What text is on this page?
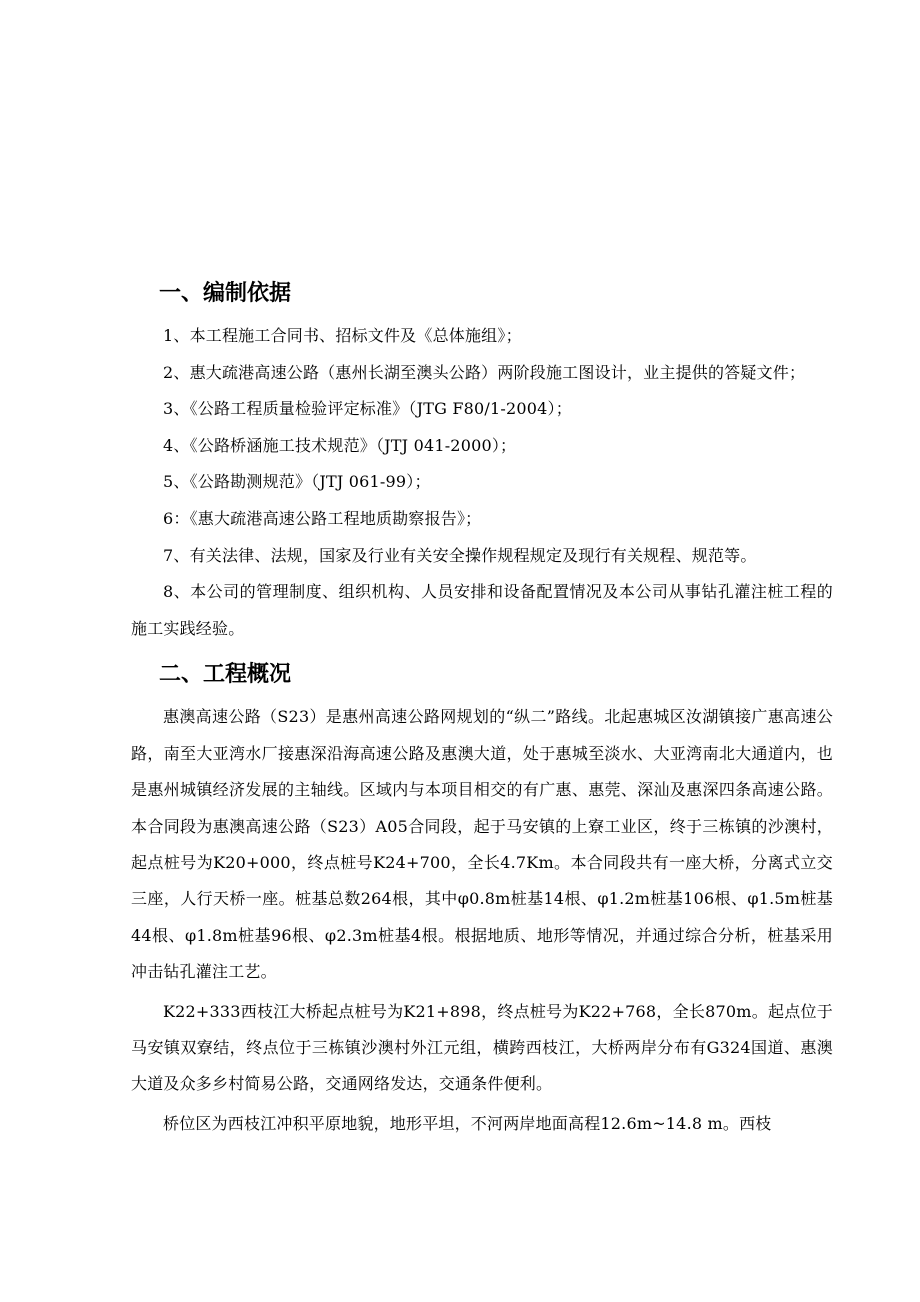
一、编制依据

1、本工程施工合同书、招标文件及《总体施组》；

2、惠大疏港高速公路（惠州长湖至澳头公路）两阶段施工图设计，业主提供的答疑文件；

3、《公路工程质量检验评定标准》（JTG F80/1-2004）；

4、《公路桥涵施工技术规范》（JTJ 041-2000）；

5、《公路勘测规范》（JTJ 061-99）；

6：《惠大疏港高速公路工程地质勘察报告》；

7、有关法律、法规，国家及行业有关安全操作规程规定及现行有关规程、规范等。

8、本公司的管理制度、组织机构、人员安排和设备配置情况及本公司从事钻孔灌注桩工程的施工实践经验。

二、工程概况

惠澳高速公路（S23）是惠州高速公路网规划的“纵二”路线。北起惠城区汝湖镇接广惠高速公路，南至大亚湾水厂接惠深沿海高速公路及惠澳大道，处于惠城至淡水、大亚湾南北大通道内，也是惠州城镇经济发展的主轴线。区域内与本项目相交的有广惠、惠莞、深汕及惠深四条高速公路。本合同段为惠澳高速公路（S23）A05合同段，起于马安镇的上寮工业区，终于三栋镇的沙澳村，起点桩号为K20+000，终点桩号K24+700，全长4.7Km。本合同段共有一座大桥，分离式立交三座，人行天桥一座。桩基总数264根，其中φ0.8m桩基14根、φ1.2m桩基106根、φ1.5m桩基44根、φ1.8m桩基96根、φ2.3m桩基4根。根据地质、地形等情况，并通过综合分析，桩基采用冲击钻孔灌注工艺。

K22+333西枝江大桥起点桩号为K21+898，终点桩号为K22+768，全长870m。起点位于马安镇双寮结，终点位于三栋镇沙澳村外江元组，横跨西枝江，大桥两岸分布有G324国道、惠澳大道及众多乡村简易公路，交通网络发达，交通条件便利。

桥位区为西枝江冲积平原地貌，地形平坦，不河两岸地面高程12.6m~14.8 m。西枝
